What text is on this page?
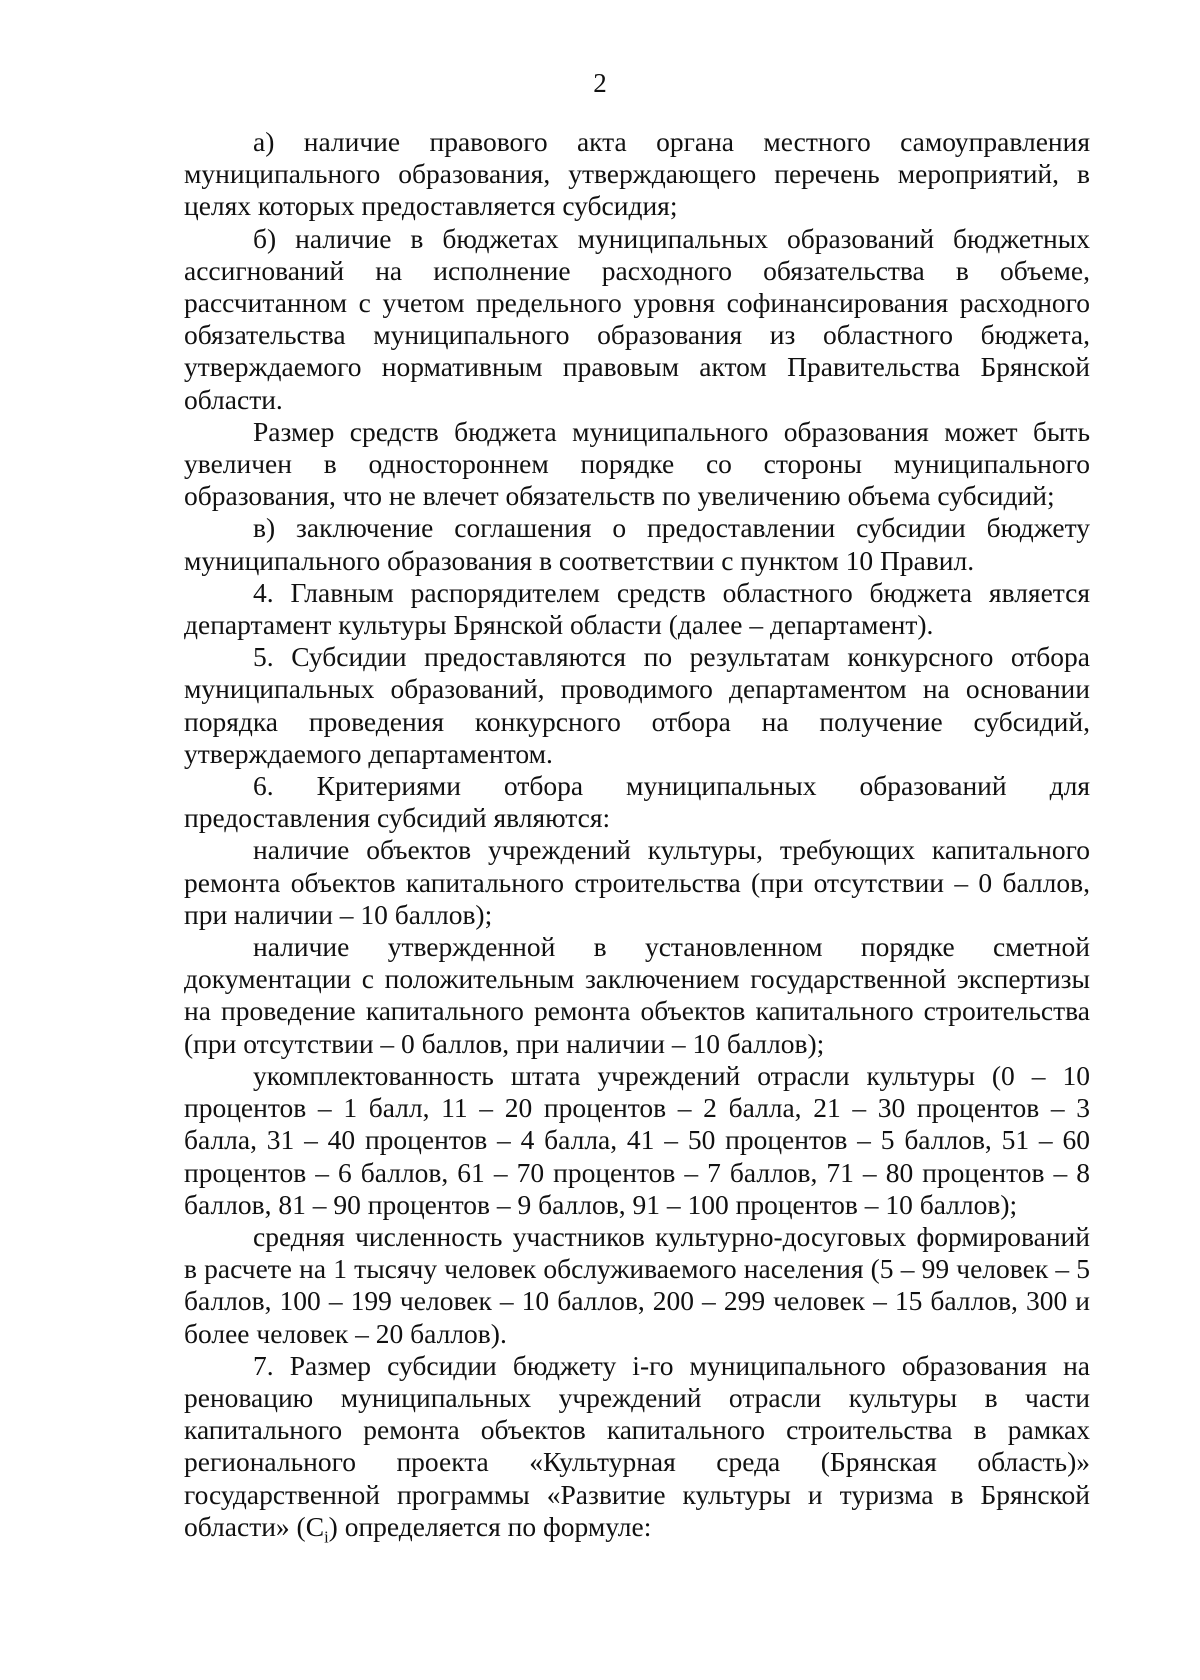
2

а) наличие правового акта органа местного самоуправления муниципального образования, утверждающего перечень мероприятий, в целях которых предоставляется субсидия;

б) наличие в бюджетах муниципальных образований бюджетных ассигнований на исполнение расходного обязательства в объеме, рассчитанном с учетом предельного уровня софинансирования расходного обязательства муниципального образования из областного бюджета, утверждаемого нормативным правовым актом Правительства Брянской области.

Размер средств бюджета муниципального образования может быть увеличен в одностороннем порядке со стороны муниципального образования, что не влечет обязательств по увеличению объема субсидий;

в) заключение соглашения о предоставлении субсидии бюджету муниципального образования в соответствии с пунктом 10 Правил.

4. Главным распорядителем средств областного бюджета является департамент культуры Брянской области (далее – департамент).

5. Субсидии предоставляются по результатам конкурсного отбора муниципальных образований, проводимого департаментом на основании порядка проведения конкурсного отбора на получение субсидий, утверждаемого департаментом.

6. Критериями отбора муниципальных образований для предоставления субсидий являются:

наличие объектов учреждений культуры, требующих капитального ремонта объектов капитального строительства (при отсутствии – 0 баллов, при наличии – 10 баллов);

наличие утвержденной в установленном порядке сметной документации с положительным заключением государственной экспертизы на проведение капитального ремонта объектов капитального строительства (при отсутствии – 0 баллов, при наличии – 10 баллов);

укомплектованность штата учреждений отрасли культуры (0 – 10 процентов – 1 балл, 11 – 20 процентов – 2 балла, 21 – 30 процентов – 3 балла, 31 – 40 процентов – 4 балла, 41 – 50 процентов – 5 баллов, 51 – 60 процентов – 6 баллов, 61 – 70 процентов – 7 баллов, 71 – 80 процентов – 8 баллов, 81 – 90 процентов – 9 баллов, 91 – 100 процентов – 10 баллов);

средняя численность участников культурно-досуговых формирований в расчете на 1 тысячу человек обслуживаемого населения (5 – 99 человек – 5 баллов, 100 – 199 человек – 10 баллов, 200 – 299 человек – 15 баллов, 300 и более человек – 20 баллов).

7. Размер субсидии бюджету i-го муниципального образования на реновацию муниципальных учреждений отрасли культуры в части капитального ремонта объектов капитального строительства в рамках регионального проекта «Культурная среда (Брянская область)» государственной программы «Развитие культуры и туризма в Брянской области» $(C_i)$ определяется по формуле:
